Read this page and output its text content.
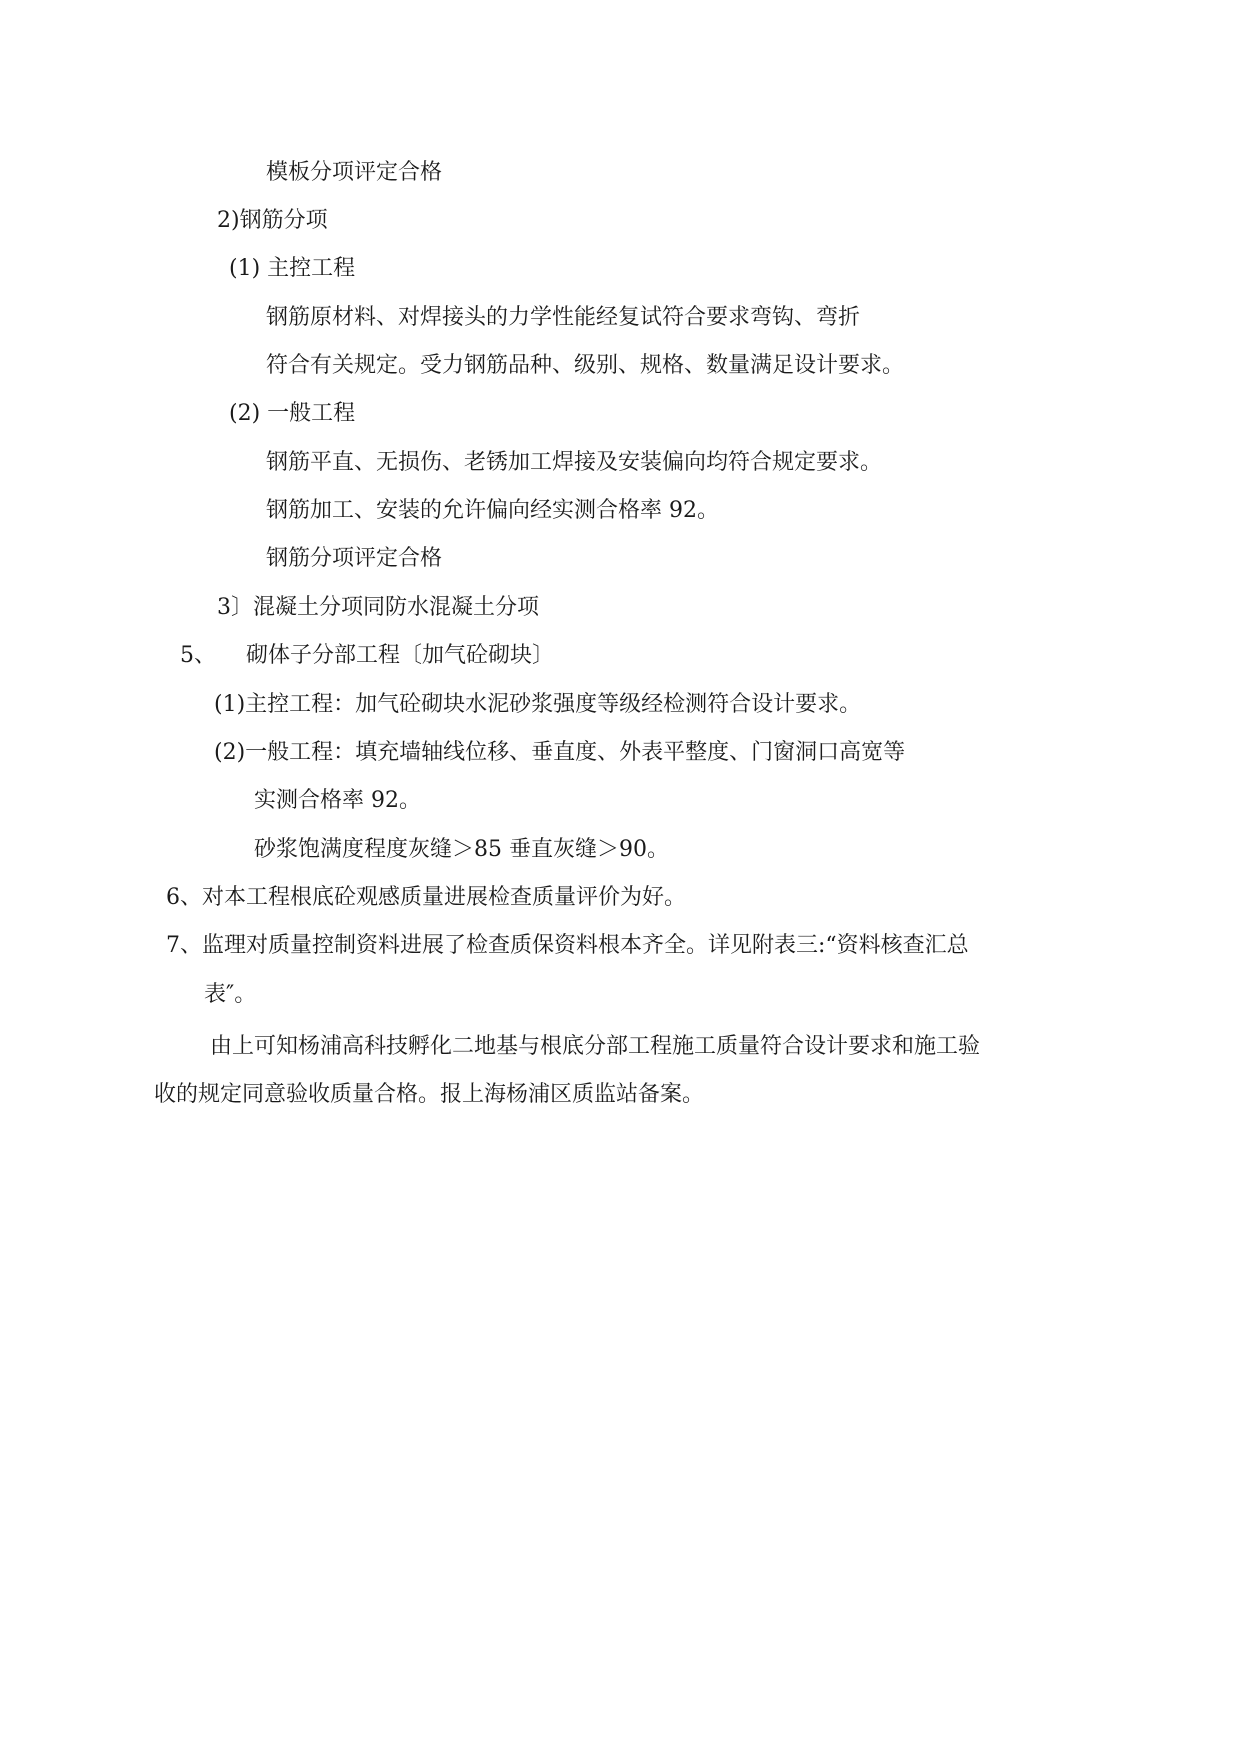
模板分项评定合格
2)钢筋分项
(1) 主控工程
钢筋原材料、对焊接头的力学性能经复试符合要求弯钩、弯折
符合有关规定。受力钢筋品种、级别、规格、数量满足设计要求。
(2) 一般工程
钢筋平直、无损伤、老锈加工焊接及安装偏向均符合规定要求。
钢筋加工、安装的允许偏向经实测合格率 92。
钢筋分项评定合格
3〕混凝土分项同防水混凝土分项
5、 砌体子分部工程〔加气砼砌块〕
(1)主控工程：加气砼砌块水泥砂浆强度等级经检测符合设计要求。
(2)一般工程：填充墙轴线位移、垂直度、外表平整度、门窗洞口高宽等
实测合格率 92。
砂浆饱满度程度灰缝＞85 垂直灰缝＞90。
6、对本工程根底砼观感质量进展检查质量评价为好。
7、监理对质量控制资料进展了检查质保资料根本齐全。详见附表三:“资料核查汇总
表″。
由上可知杨浦高科技孵化二地基与根底分部工程施工质量符合设计要求和施工验
收的规定同意验收质量合格。报上海杨浦区质监站备案。
